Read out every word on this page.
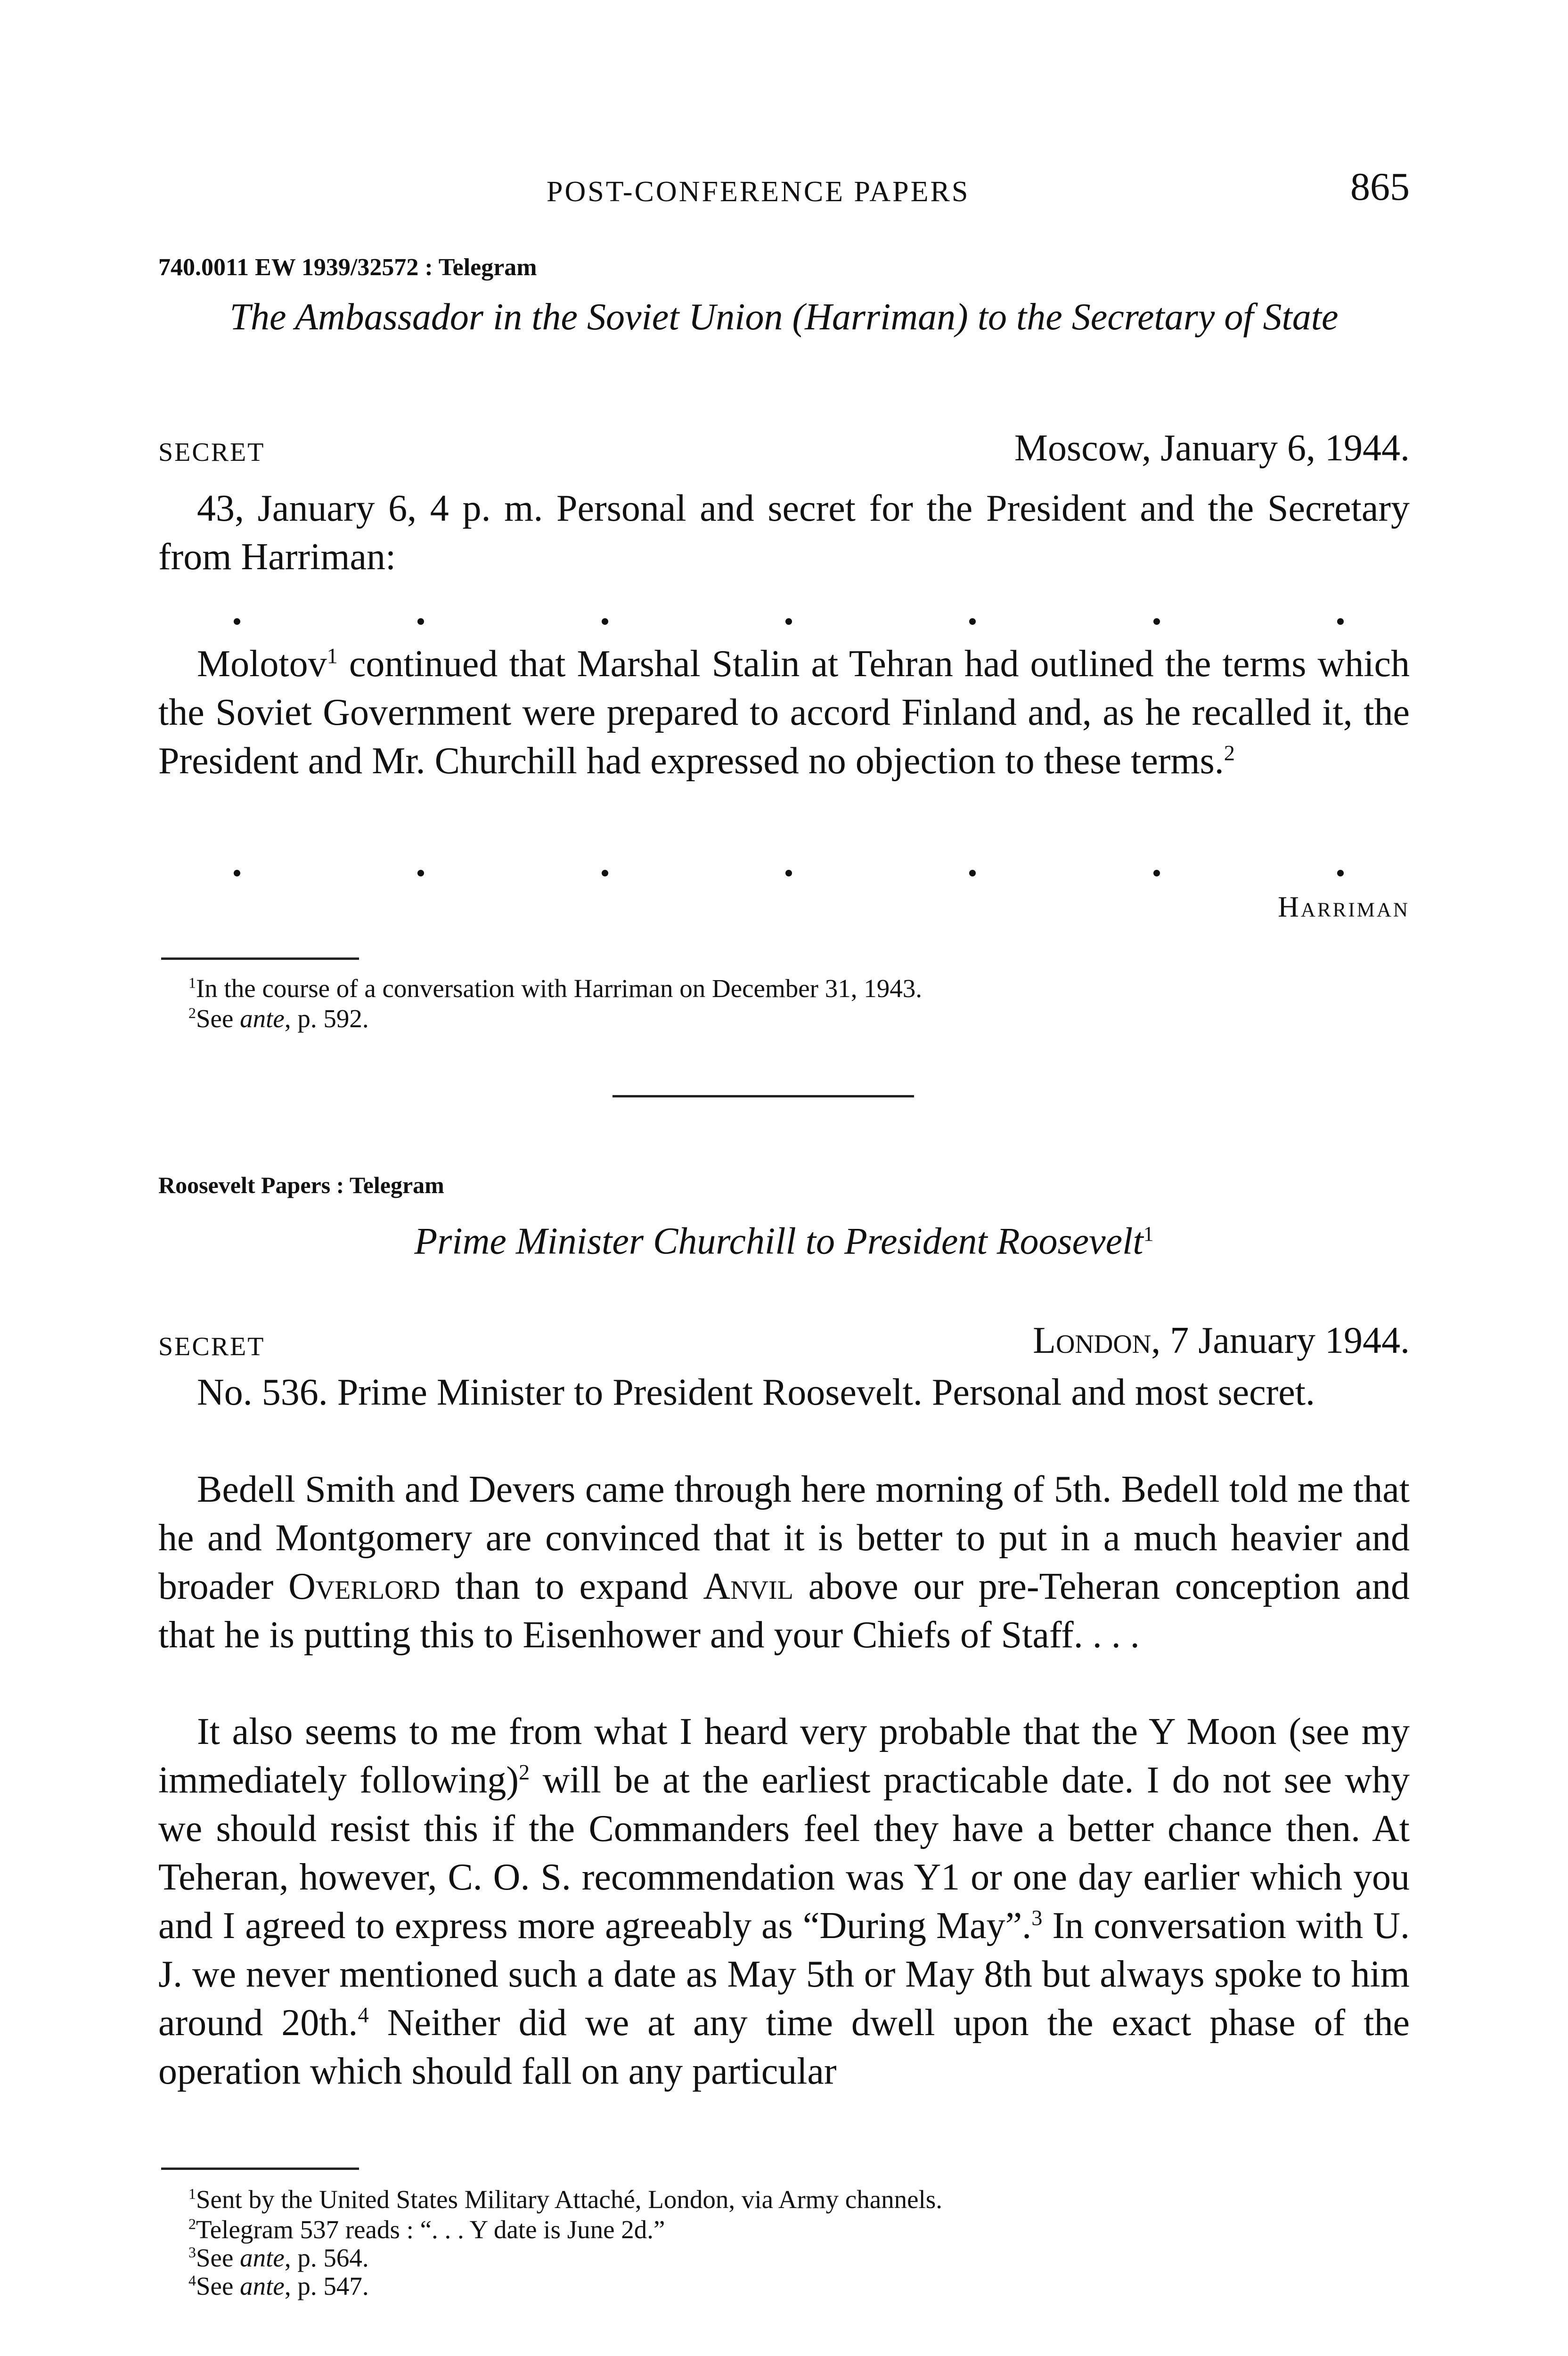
POST-CONFERENCE PAPERS	865
740.0011 EW 1939/32572 : Telegram
The Ambassador in the Soviet Union (Harriman) to the Secretary of State
SECRET	Moscow, January 6, 1944.
43, January 6, 4 p. m. Personal and secret for the President and the Secretary from Harriman:
Molotov$^1$ continued that Marshal Stalin at Tehran had outlined the terms which the Soviet Government were prepared to accord Finland and, as he recalled it, the President and Mr. Churchill had expressed no objection to these terms.$^2$
Harriman
$^1$In the course of a conversation with Harriman on December 31, 1943.
$^2$See ante, p. 592.
Roosevelt Papers : Telegram
Prime Minister Churchill to President Roosevelt$^1$
SECRET	London, 7 January 1944.
No. 536. Prime Minister to President Roosevelt. Personal and most secret.
Bedell Smith and Devers came through here morning of 5th. Bedell told me that he and Montgomery are convinced that it is better to put in a much heavier and broader Overlord than to expand Anvil above our pre-Teheran conception and that he is putting this to Eisenhower and your Chiefs of Staff. . . .
It also seems to me from what I heard very probable that the Y Moon (see my immediately following)$^2$ will be at the earliest practicable date. I do not see why we should resist this if the Commanders feel they have a better chance then. At Teheran, however, C. O. S. recommendation was Y1 or one day earlier which you and I agreed to express more agreeably as “During May”.$^3$ In conversation with U. J. we never mentioned such a date as May 5th or May 8th but always spoke to him around 20th.$^4$ Neither did we at any time dwell upon the exact phase of the operation which should fall on any particular
$^1$Sent by the United States Military Attaché, London, via Army channels.
$^2$Telegram 537 reads : “. . . Y date is June 2d.”
$^3$See ante, p. 564.
$^4$See ante, p. 547.
